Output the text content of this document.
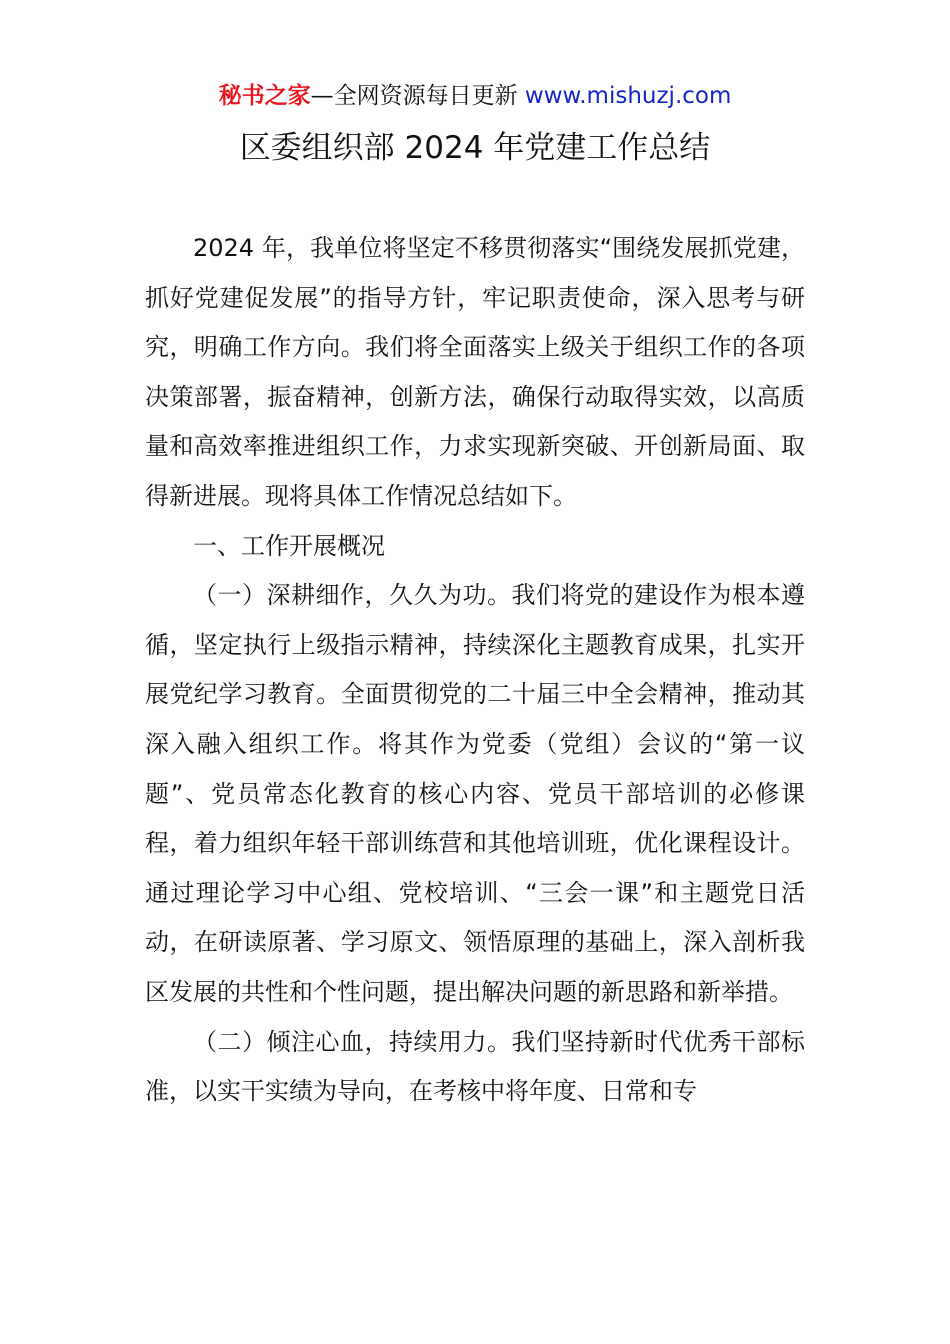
秘书之家—全网资源每日更新 www.mishuzj.com
区委组织部 2024 年党建工作总结

2024 年，我单位将坚定不移贯彻落实“围绕发展抓党建，抓好党建促发展”的指导方针，牢记职责使命，深入思考与研究，明确工作方向。我们将全面落实上级关于组织工作的各项决策部署，振奋精神，创新方法，确保行动取得实效，以高质量和高效率推进组织工作，力求实现新突破、开创新局面、取得新进展。现将具体工作情况总结如下。

一、工作开展概况

（一）深耕细作，久久为功。我们将党的建设作为根本遵循，坚定执行上级指示精神，持续深化主题教育成果，扎实开展党纪学习教育。全面贯彻党的二十届三中全会精神，推动其深入融入组织工作。将其作为党委（党组）会议的“第一议题”、党员常态化教育的核心内容、党员干部培训的必修课程，着力组织年轻干部训练营和其他培训班，优化课程设计。通过理论学习中心组、党校培训、“三会一课”和主题党日活动，在研读原著、学习原文、领悟原理的基础上，深入剖析我区发展的共性和个性问题，提出解决问题的新思路和新举措。

（二）倾注心血，持续用力。我们坚持新时代优秀干部标准，以实干实绩为导向，在考核中将年度、日常和专
